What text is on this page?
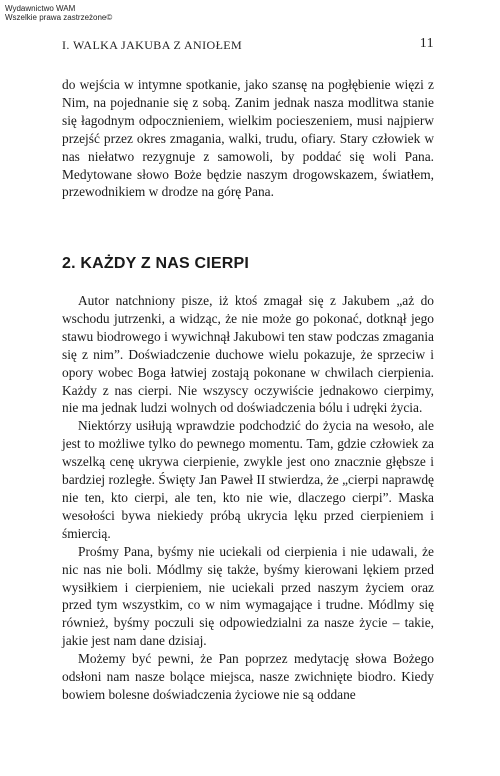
Wydawnictwo WAM
Wszelkie prawa zastrzeżone©
I. WALKA JAKUBA Z ANIOŁEM	11

do wejścia w intymne spotkanie, jako szansę na pogłębienie więzi z Nim, na pojednanie się z sobą. Zanim jednak nasza modlitwa stanie się łagodnym odpocznieniem, wielkim pocieszeniem, musi najpierw przejść przez okres zmagania, walki, trudu, ofiary. Stary człowiek w nas niełatwo rezygnuje z samowoli, by poddać się woli Pana. Medytowane słowo Boże będzie naszym drogowskazem, światłem, przewodnikiem w drodze na górę Pana.

2. KAŻDY Z NAS CIERPI

Autor natchniony pisze, iż ktoś zmagał się z Jakubem „aż do wschodu jutrzenki, a widząc, że nie może go pokonać, dotknął jego stawu biodrowego i wywichnął Jakubowi ten staw podczas zmagania się z nim”. Doświadczenie duchowe wielu pokazuje, że sprzeciw i opory wobec Boga łatwiej zostają pokonane w chwilach cierpienia. Każdy z nas cierpi. Nie wszyscy oczywiście jednakowo cierpimy, nie ma jednak ludzi wolnych od doświadczenia bólu i udręki życia.

Niektórzy usiłują wprawdzie podchodzić do życia na wesoło, ale jest to możliwe tylko do pewnego momentu. Tam, gdzie człowiek za wszelką cenę ukrywa cierpienie, zwykle jest ono znacznie głębsze i bardziej rozległe. Święty Jan Paweł II stwierdza, że „cierpi naprawdę nie ten, kto cierpi, ale ten, kto nie wie, dlaczego cierpi”. Maska wesołości bywa niekiedy próbą ukrycia lęku przed cierpieniem i śmiercią.

Prośmy Pana, byśmy nie uciekali od cierpienia i nie udawali, że nic nas nie boli. Módlmy się także, byśmy kierowani lękiem przed wysiłkiem i cierpieniem, nie uciekali przed naszym życiem oraz przed tym wszystkim, co w nim wymagające i trudne. Módlmy się również, byśmy poczuli się odpowiedzialni za nasze życie – takie, jakie jest nam dane dzisiaj.

Możemy być pewni, że Pan poprzez medytację słowa Bożego odsłoni nam nasze bolące miejsca, nasze zwichnięte biodro. Kiedy bowiem bolesne doświadczenia życiowe nie są oddane
